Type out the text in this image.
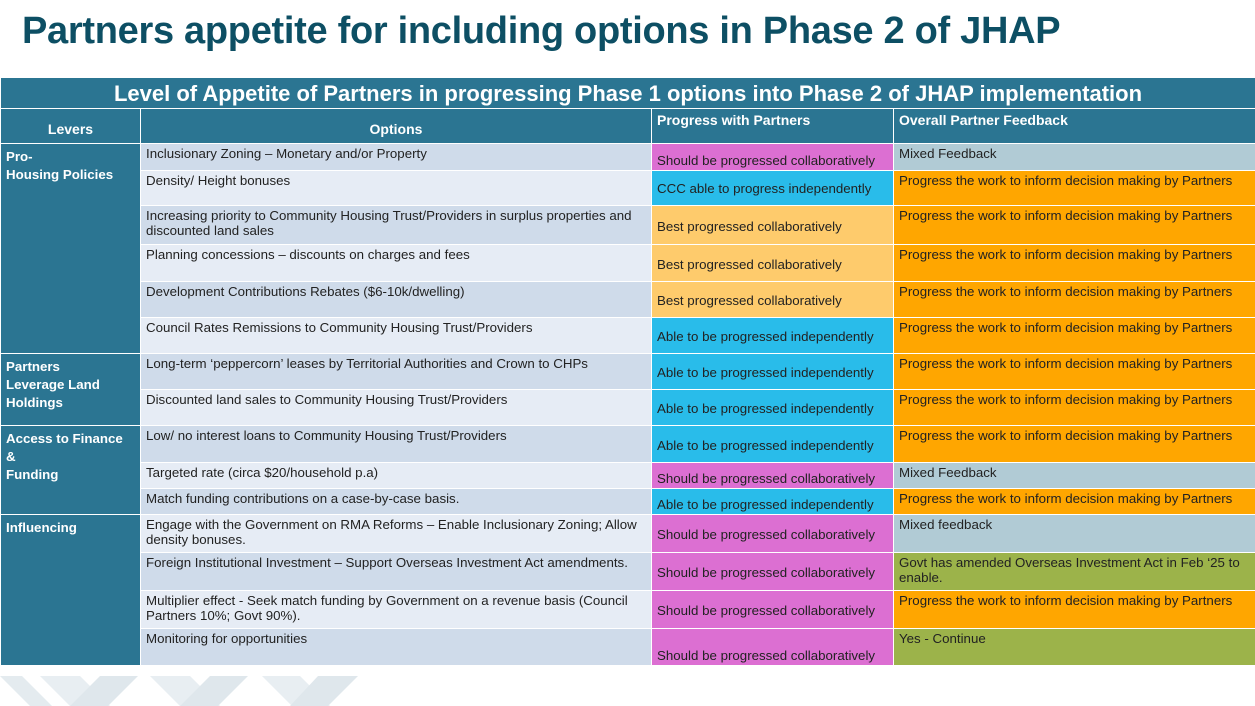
Partners appetite for including options in Phase 2 of JHAP
Level of Appetite of Partners in progressing Phase 1 options into Phase 2 of JHAP implementation			
Levers	Options	Progress with Partners	Overall Partner Feedback
Pro-
Housing Policies	Inclusionary Zoning – Monetary and/or Property	Should be progressed collaboratively	Mixed Feedback
	Density/ Height bonuses	CCC able to progress independently	Progress the work to inform decision making by Partners
	Increasing priority to Community Housing Trust/Providers in surplus properties and discounted land sales	Best progressed collaboratively	Progress the work to inform decision making by Partners
	Planning concessions – discounts on charges and fees	Best progressed collaboratively	Progress the work to inform decision making by Partners
	Development Contributions Rebates ($6-10k/dwelling)	Best progressed collaboratively	Progress the work to inform decision making by Partners
	Council Rates Remissions to Community Housing Trust/Providers	Able to be progressed independently	Progress the work to inform decision making by Partners
Partners
Leverage Land
Holdings	Long-term ‘peppercorn’ leases by Territorial Authorities and Crown to CHPs	Able to be progressed independently	Progress the work to inform decision making by Partners
	Discounted land sales to Community Housing Trust/Providers	Able to be progressed independently	Progress the work to inform decision making by Partners
Access to Finance &
Funding	Low/ no interest loans to Community Housing Trust/Providers	Able to be progressed independently	Progress the work to inform decision making by Partners
	Targeted rate (circa $20/household p.a)	Should be progressed collaboratively	Mixed Feedback
	Match funding contributions on a case-by-case basis.	Able to be progressed independently	Progress the work to inform decision making by Partners
Influencing	Engage with the Government on RMA Reforms – Enable Inclusionary Zoning; Allow density bonuses.	Should be progressed collaboratively	Mixed feedback
	Foreign Institutional Investment – Support Overseas Investment Act amendments.	Should be progressed collaboratively	Govt has amended Overseas Investment Act in Feb ‘25 to enable.
	Multiplier effect - Seek match funding by Government on a revenue basis (Council Partners 10%; Govt 90%).	Should be progressed collaboratively	Progress the work to inform decision making by Partners
	Monitoring for opportunities	Should be progressed collaboratively	Yes - Continue
